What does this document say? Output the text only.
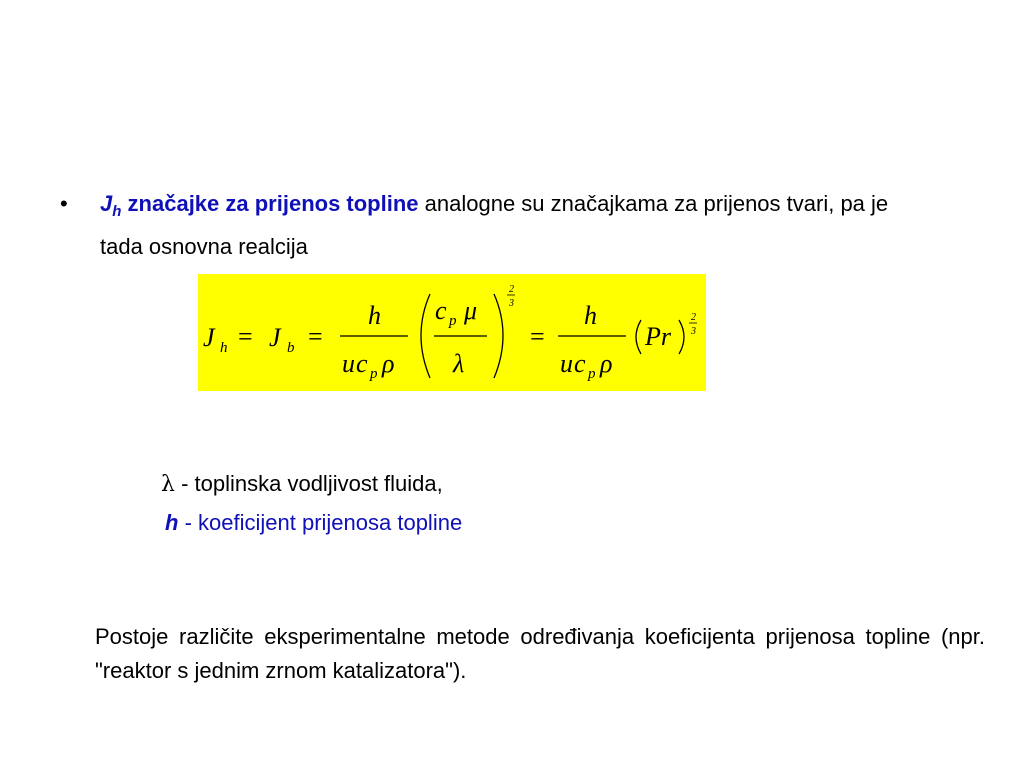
• $J_h$ značajke za prijenos topline analogne su značajkama za prijenos tvari, pa je tada osnovna realcija
J h = J b =
h
u c p ρ
c p μ
λ
2
3
=
h
u c p ρ
Pr
2
3
λ - toplinska vodljivost fluida,
h - koeficijent prijenosa topline
Postoje različite eksperimentalne metode određivanja koeficijenta prijenosa topline (npr. "reaktor s jednim zrnom katalizatora").
